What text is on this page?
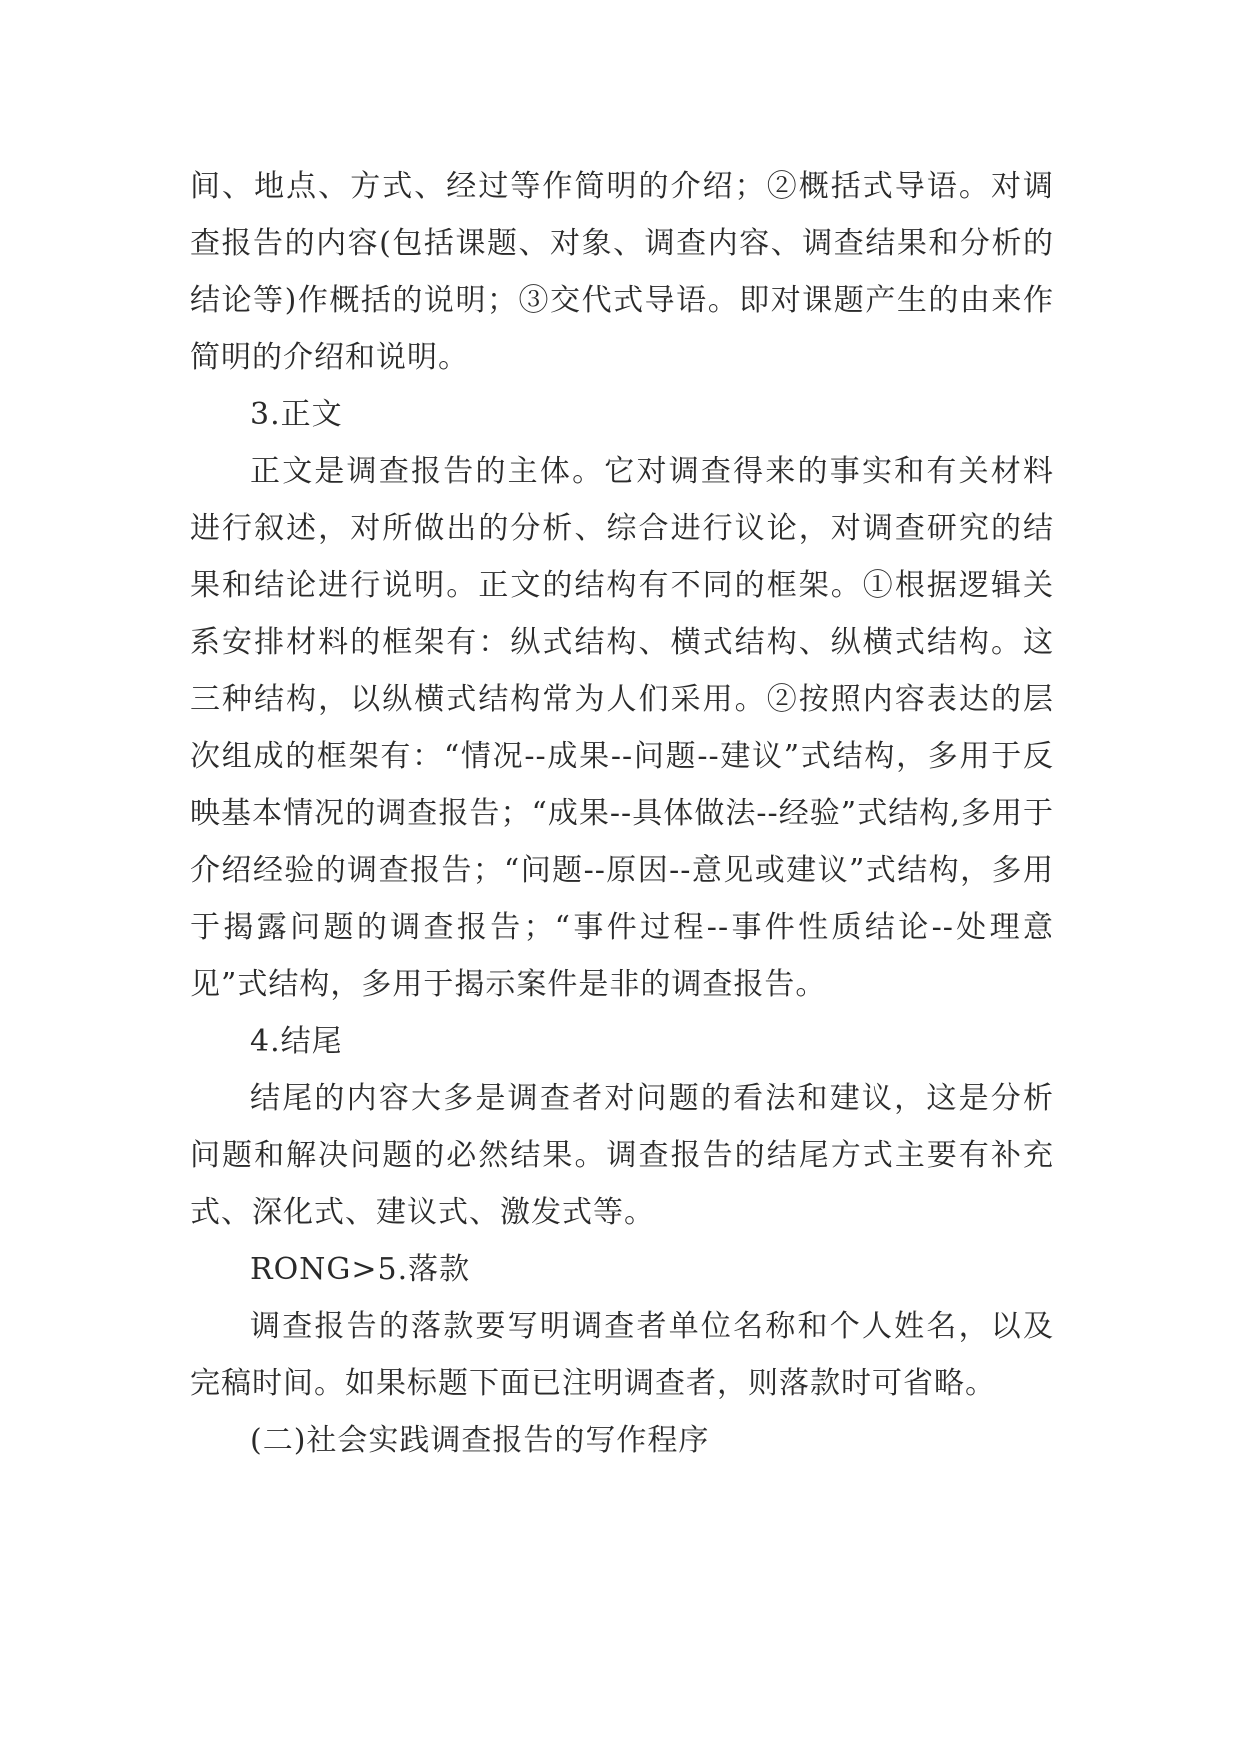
间、地点、方式、经过等作简明的介绍；②概括式导语。对调查报告的内容(包括课题、对象、调查内容、调查结果和分析的结论等)作概括的说明；③交代式导语。即对课题产生的由来作简明的介绍和说明。

3.正文

正文是调查报告的主体。它对调查得来的事实和有关材料进行叙述，对所做出的分析、综合进行议论，对调查研究的结果和结论进行说明。正文的结构有不同的框架。①根据逻辑关系安排材料的框架有：纵式结构、横式结构、纵横式结构。这三种结构，以纵横式结构常为人们采用。②按照内容表达的层次组成的框架有：“情况--成果--问题--建议”式结构，多用于反映基本情况的调查报告；“成果--具体做法--经验”式结构,多用于介绍经验的调查报告；“问题--原因--意见或建议”式结构，多用于揭露问题的调查报告；“事件过程--事件性质结论--处理意见”式结构，多用于揭示案件是非的调查报告。

4.结尾

结尾的内容大多是调查者对问题的看法和建议，这是分析问题和解决问题的必然结果。调查报告的结尾方式主要有补充式、深化式、建议式、激发式等。

RONG>5.落款

调查报告的落款要写明调查者单位名称和个人姓名，以及完稿时间。如果标题下面已注明调查者，则落款时可省略。

(二)社会实践调查报告的写作程序
